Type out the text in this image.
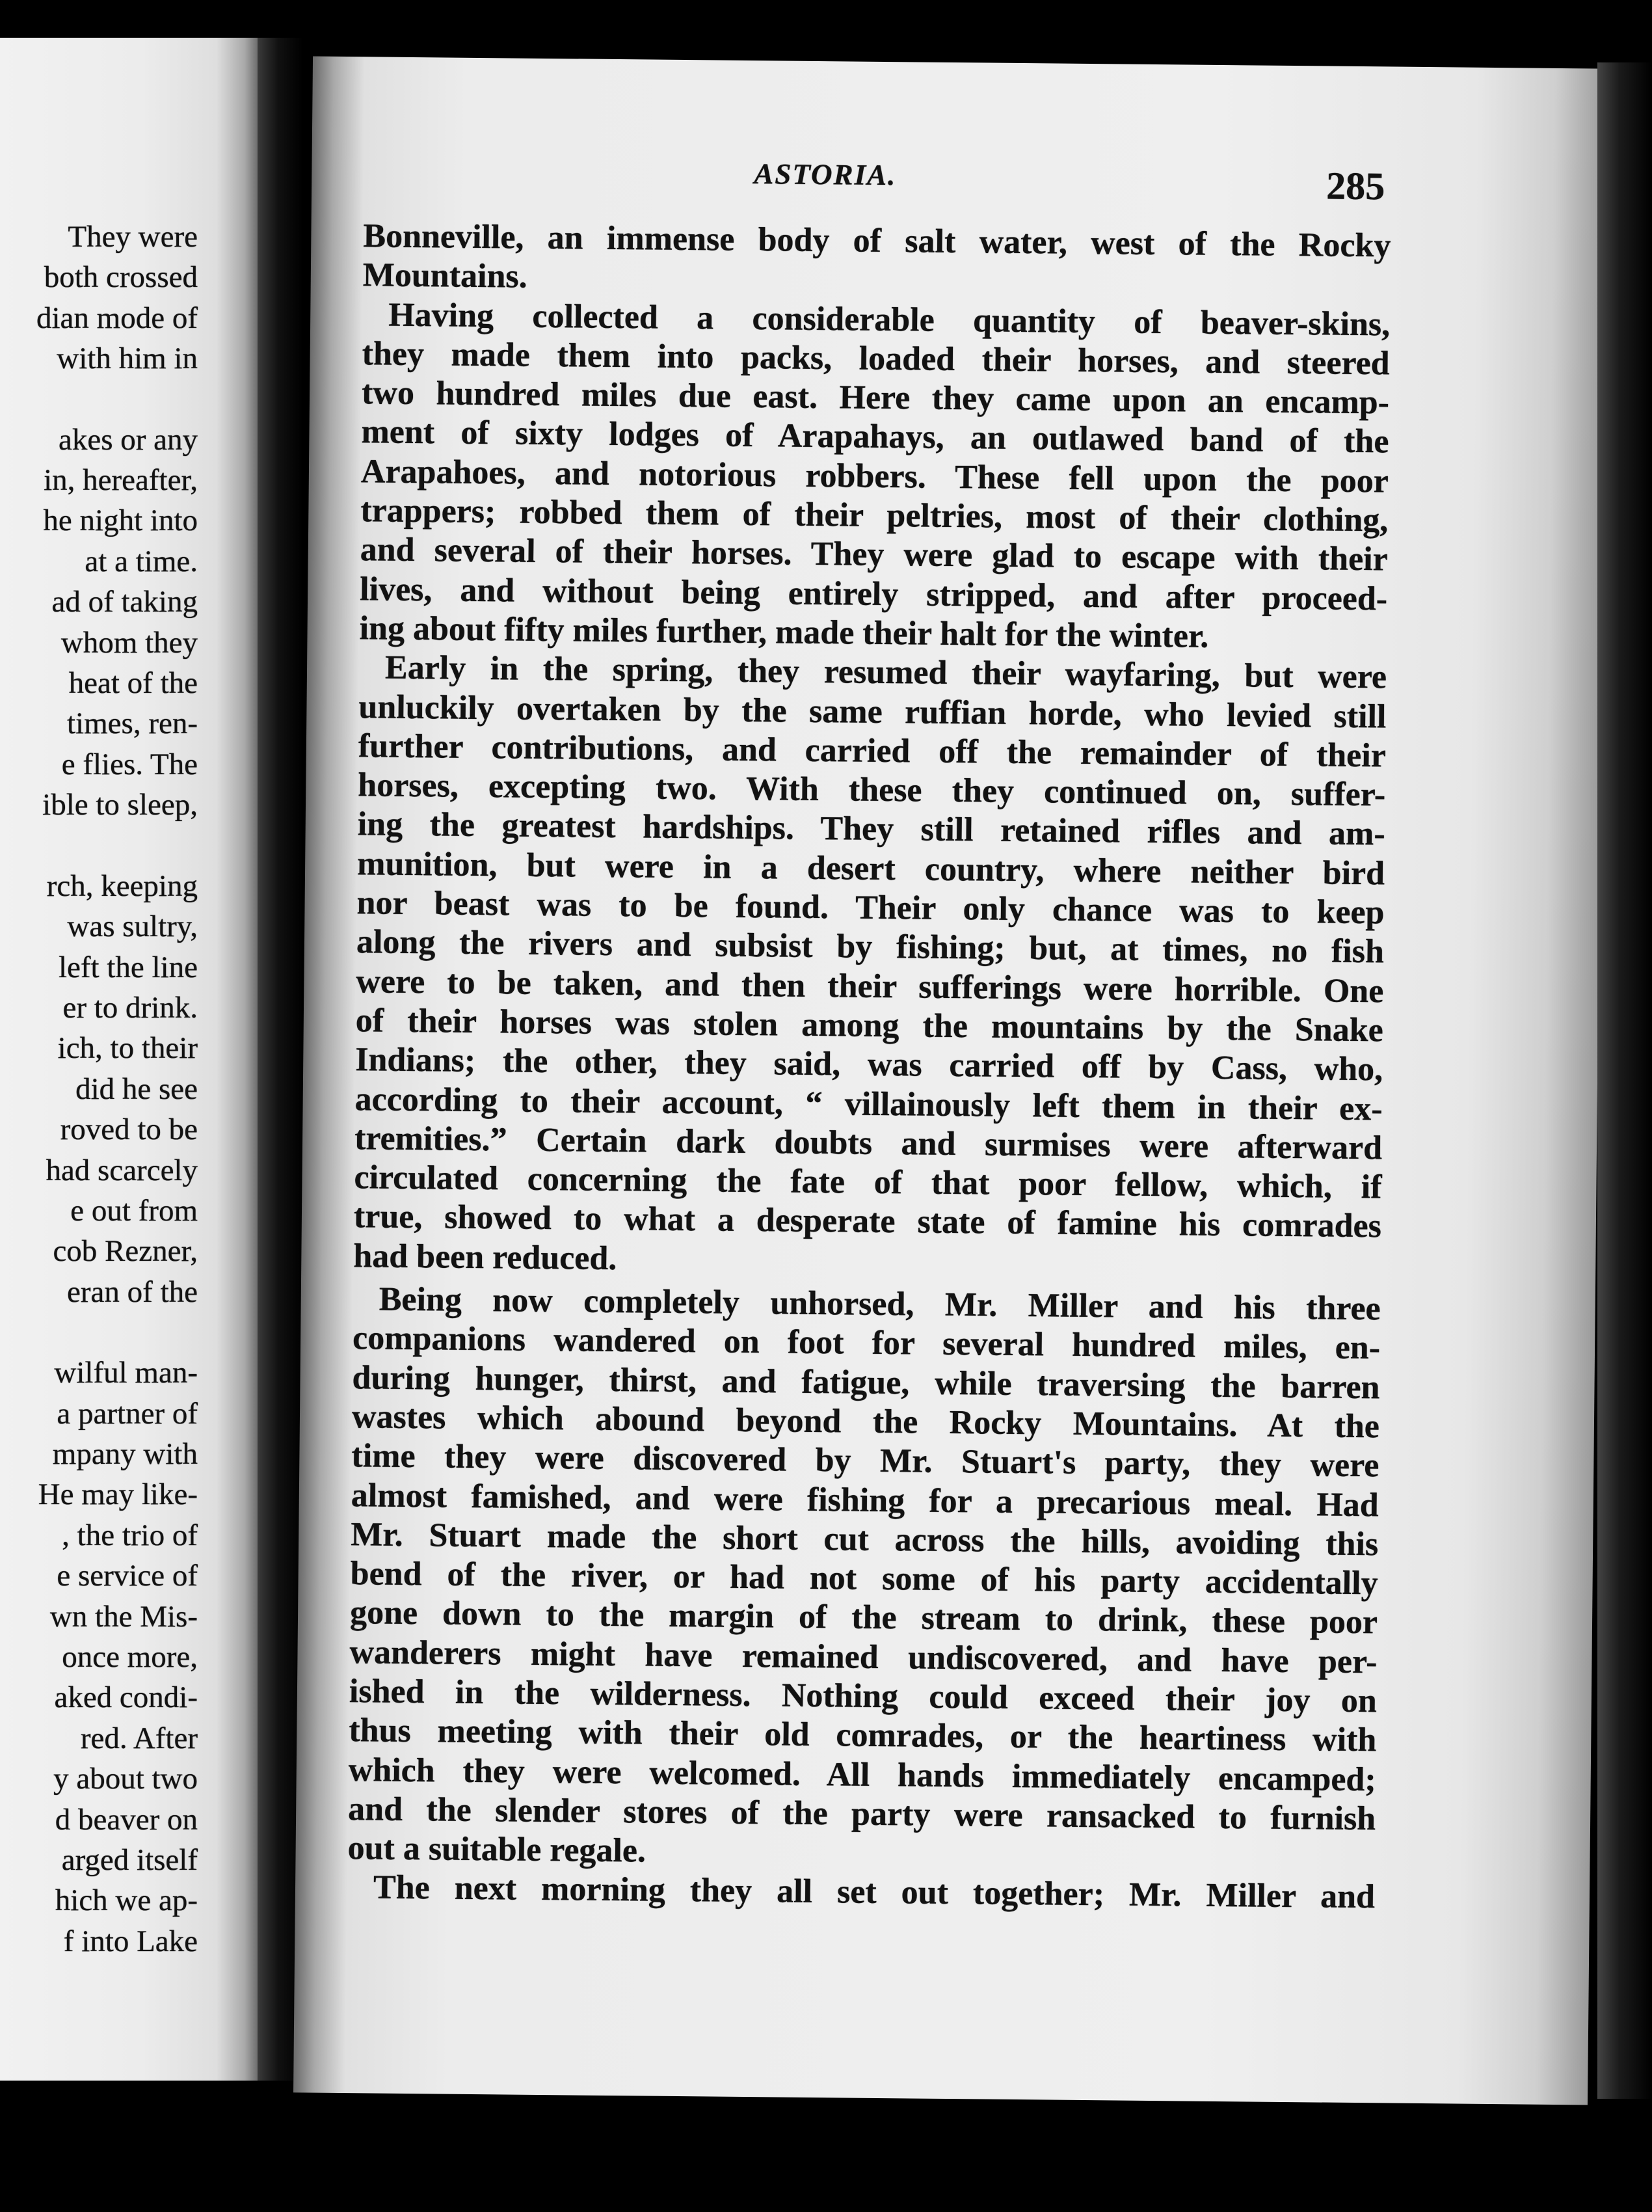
They were
both crossed
dian mode of
with him in
akes or any
in, hereafter,
he night into
at a time.
ad of taking
whom they
heat of the
times, ren-
e flies. The
ible to sleep,
rch, keeping
was sultry,
left the line
er to drink.
ich, to their
did he see
roved to be
had scarcely
e out from
cob Rezner,
eran of the
wilful man-
a partner of
mpany with
He may like-
, the trio of
e service of
wn the Mis-
once more,
aked condi-
red. After
y about two
d beaver on
arged itself
hich we ap-
f into Lake
ASTORIA.	285
Bonneville, an immense body of salt water, west of the Rocky
Mountains.
Having collected a considerable quantity of beaver-skins,
they made them into packs, loaded their horses, and steered
two hundred miles due east. Here they came upon an encamp-
ment of sixty lodges of Arapahays, an outlawed band of the
Arapahoes, and notorious robbers. These fell upon the poor
trappers; robbed them of their peltries, most of their clothing,
and several of their horses. They were glad to escape with their
lives, and without being entirely stripped, and after proceed-
ing about fifty miles further, made their halt for the winter.
Early in the spring, they resumed their wayfaring, but were
unluckily overtaken by the same ruffian horde, who levied still
further contributions, and carried off the remainder of their
horses, excepting two. With these they continued on, suffer-
ing the greatest hardships. They still retained rifles and am-
munition, but were in a desert country, where neither bird
nor beast was to be found. Their only chance was to keep
along the rivers and subsist by fishing; but, at times, no fish
were to be taken, and then their sufferings were horrible. One
of their horses was stolen among the mountains by the Snake
Indians; the other, they said, was carried off by Cass, who,
according to their account, “ villainously left them in their ex-
tremities.” Certain dark doubts and surmises were afterward
circulated concerning the fate of that poor fellow, which, if
true, showed to what a desperate state of famine his comrades
had been reduced.
Being now completely unhorsed, Mr. Miller and his three
companions wandered on foot for several hundred miles, en-
during hunger, thirst, and fatigue, while traversing the barren
wastes which abound beyond the Rocky Mountains. At the
time they were discovered by Mr. Stuart's party, they were
almost famished, and were fishing for a precarious meal. Had
Mr. Stuart made the short cut across the hills, avoiding this
bend of the river, or had not some of his party accidentally
gone down to the margin of the stream to drink, these poor
wanderers might have remained undiscovered, and have per-
ished in the wilderness. Nothing could exceed their joy on
thus meeting with their old comrades, or the heartiness with
which they were welcomed. All hands immediately encamped;
and the slender stores of the party were ransacked to furnish
out a suitable regale.
The next morning they all set out together; Mr. Miller and
